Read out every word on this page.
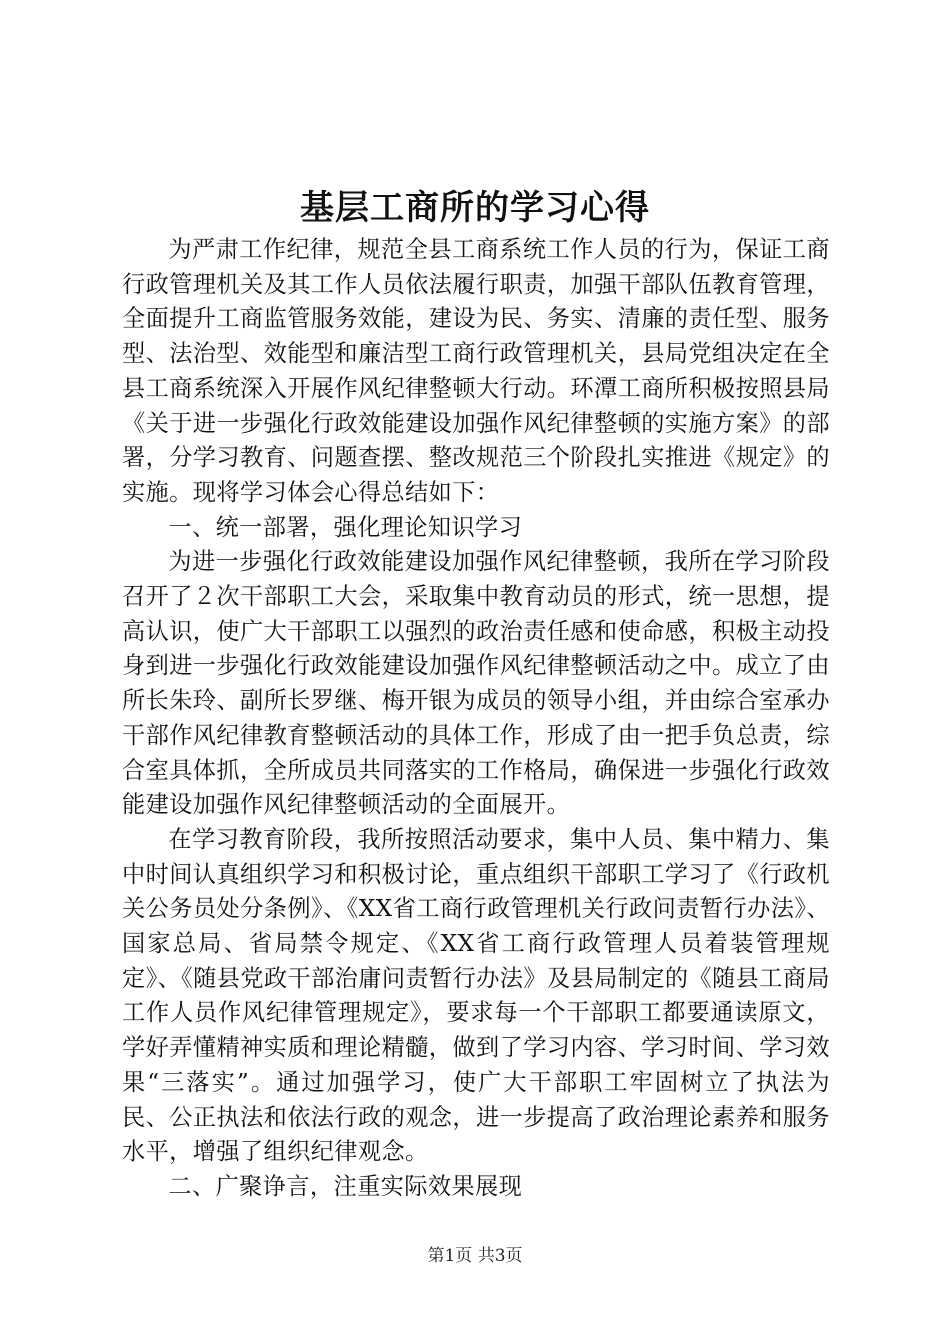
基层工商所的学习心得

为严肃工作纪律，规范全县工商系统工作人员的行为，保证工商行政管理机关及其工作人员依法履行职责，加强干部队伍教育管理，全面提升工商监管服务效能，建设为民、务实、清廉的责任型、服务型、法治型、效能型和廉洁型工商行政管理机关，县局党组决定在全县工商系统深入开展作风纪律整顿大行动。环潭工商所积极按照县局《关于进一步强化行政效能建设加强作风纪律整顿的实施方案》的部署，分学习教育、问题查摆、整改规范三个阶段扎实推进《规定》的实施。现将学习体会心得总结如下：

一、统一部署，强化理论知识学习

为进一步强化行政效能建设加强作风纪律整顿，我所在学习阶段召开了２次干部职工大会，采取集中教育动员的形式，统一思想，提高认识，使广大干部职工以强烈的政治责任感和使命感，积极主动投身到进一步强化行政效能建设加强作风纪律整顿活动之中。成立了由所长朱玲、副所长罗继、梅开银为成员的领导小组，并由综合室承办干部作风纪律教育整顿活动的具体工作，形成了由一把手负总责，综合室具体抓，全所成员共同落实的工作格局，确保进一步强化行政效能建设加强作风纪律整顿活动的全面展开。

在学习教育阶段，我所按照活动要求，集中人员、集中精力、集中时间认真组织学习和积极讨论，重点组织干部职工学习了《行政机关公务员处分条例》、《XX省工商行政管理机关行政问责暂行办法》、国家总局、省局禁令规定、《XX省工商行政管理人员着装管理规定》、《随县党政干部治庸问责暂行办法》及县局制定的《随县工商局工作人员作风纪律管理规定》，要求每一个干部职工都要通读原文，学好弄懂精神实质和理论精髓，做到了学习内容、学习时间、学习效果“三落实”。通过加强学习，使广大干部职工牢固树立了执法为民、公正执法和依法行政的观念，进一步提高了政治理论素养和服务水平，增强了组织纪律观念。

二、广聚诤言，注重实际效果展现

第1页 共3页
